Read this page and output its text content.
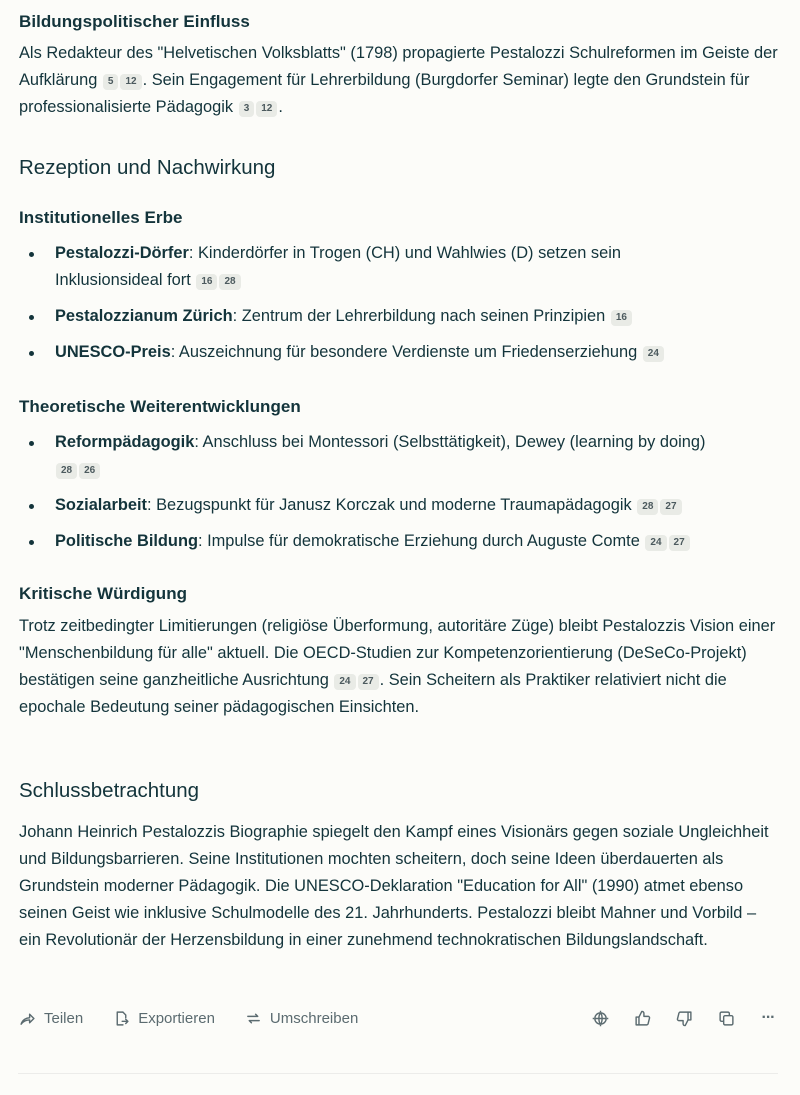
Bildungspolitischer Einfluss

Als Redakteur des "Helvetischen Volksblatts" (1798) propagierte Pestalozzi Schulreformen im Geiste der Aufklärung 5 12 . Sein Engagement für Lehrerbildung (Burgdorfer Seminar) legte den Grundstein für professionalisierte Pädagogik 3 12 .

Rezeption und Nachwirkung
Institutionelles Erbe
Pestalozzi-Dörfer: Kinderdörfer in Trogen (CH) und Wahlwies (D) setzen sein Inklusionsideal fort 16 28
Pestalozzianum Zürich: Zentrum der Lehrerbildung nach seinen Prinzipien 16
UNESCO-Preis: Auszeichnung für besondere Verdienste um Friedenserziehung 24
Theoretische Weiterentwicklungen
Reformpädagogik: Anschluss bei Montessori (Selbsttätigkeit), Dewey (learning by doing) 28 26
Sozialarbeit: Bezugspunkt für Janusz Korczak und moderne Traumapädagogik 28 27
Politische Bildung: Impulse für demokratische Erziehung durch Auguste Comte 24 27
Kritische Würdigung

Trotz zeitbedingter Limitierungen (religiöse Überformung, autoritäre Züge) bleibt Pestalozzis Vision einer "Menschenbildung für alle" aktuell. Die OECD-Studien zur Kompetenzorientierung (DeSeCo-Projekt) bestätigen seine ganzheitliche Ausrichtung 24 27 . Sein Scheitern als Praktiker relativiert nicht die epochale Bedeutung seiner pädagogischen Einsichten.

Schlussbetrachtung

Johann Heinrich Pestalozzis Biographie spiegelt den Kampf eines Visionärs gegen soziale Ungleichheit und Bildungsbarrieren. Seine Institutionen mochten scheitern, doch seine Ideen überdauerten als Grundstein moderner Pädagogik. Die UNESCO-Deklaration "Education for All" (1990) atmet ebenso seinen Geist wie inklusive Schulmodelle des 21. Jahrhunderts. Pestalozzi bleibt Mahner und Vorbild – ein Revolutionär der Herzensbildung in einer zunehmend technokratischen Bildungslandschaft.

Teilen	Exportieren	Umschreiben	···
